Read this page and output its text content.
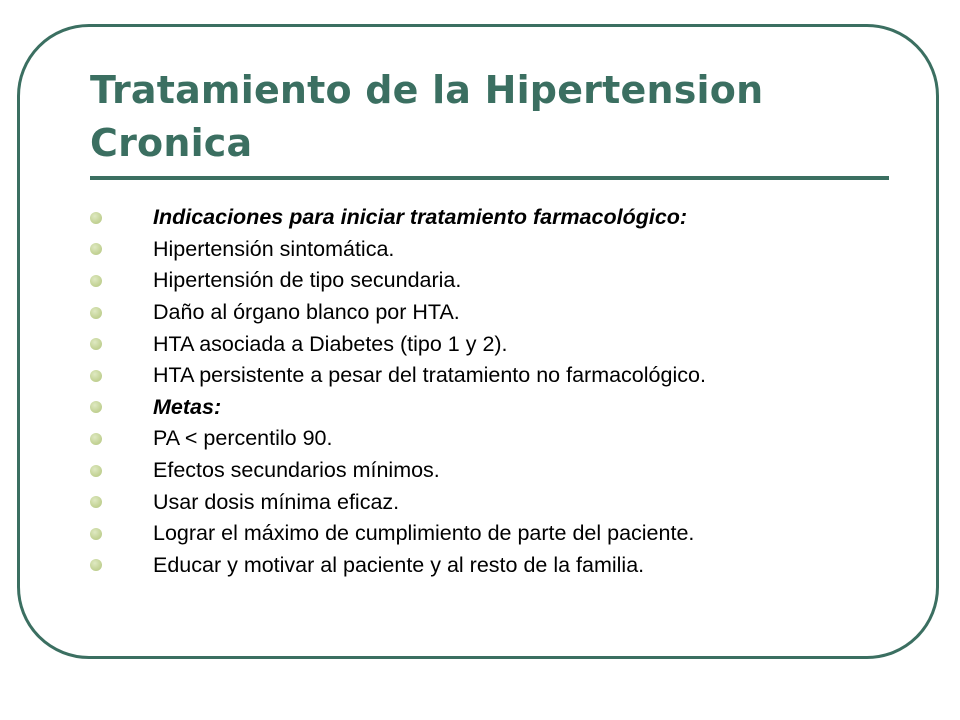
Tratamiento de la Hipertension Cronica
Indicaciones para iniciar tratamiento farmacológico:
Hipertensión sintomática.
Hipertensión de tipo secundaria.
Daño al órgano blanco por HTA.
HTA asociada a Diabetes (tipo 1 y 2).
HTA persistente a pesar del tratamiento no farmacológico.
Metas:
PA < percentilo 90.
Efectos secundarios mínimos.
Usar dosis mínima eficaz.
Lograr el máximo de cumplimiento de parte del paciente.
Educar y motivar al paciente y al resto de la familia.
